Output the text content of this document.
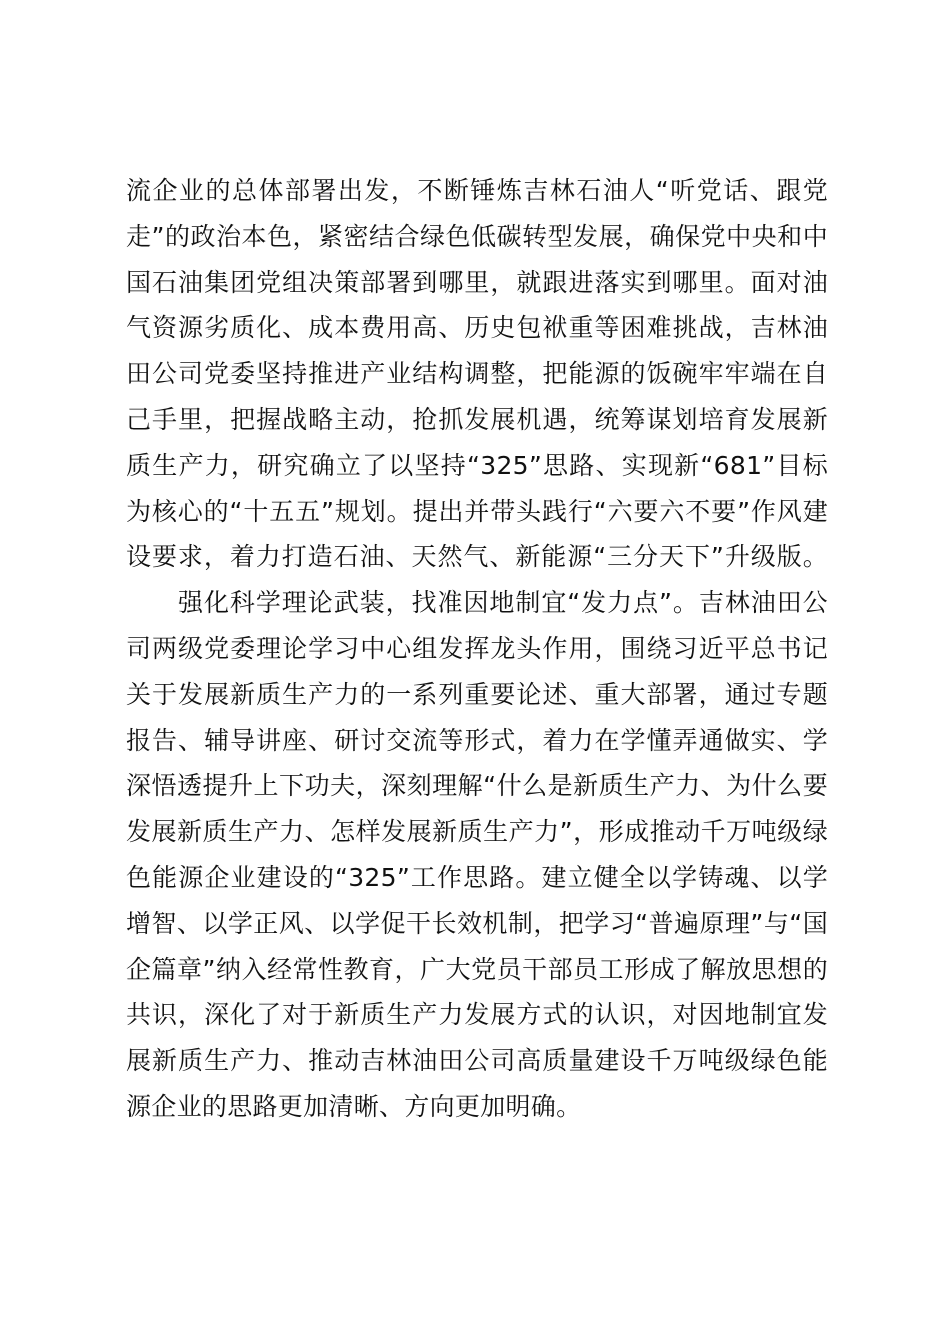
流企业的总体部署出发，不断锤炼吉林石油人“听党话、跟党
走”的政治本色，紧密结合绿色低碳转型发展，确保党中央和中
国石油集团党组决策部署到哪里，就跟进落实到哪里。面对油
气资源劣质化、成本费用高、历史包袱重等困难挑战，吉林油
田公司党委坚持推进产业结构调整，把能源的饭碗牢牢端在自
己手里，把握战略主动，抢抓发展机遇，统筹谋划培育发展新
质生产力，研究确立了以坚持“325”思路、实现新“681”目标
为核心的“十五五”规划。提出并带头践行“六要六不要”作风建
设要求，着力打造石油、天然气、新能源“三分天下”升级版。
强化科学理论武装，找准因地制宜“发力点”。吉林油田公
司两级党委理论学习中心组发挥龙头作用，围绕习近平总书记
关于发展新质生产力的一系列重要论述、重大部署，通过专题
报告、辅导讲座、研讨交流等形式，着力在学懂弄通做实、学
深悟透提升上下功夫，深刻理解“什么是新质生产力、为什么要
发展新质生产力、怎样发展新质生产力”，形成推动千万吨级绿
色能源企业建设的“325”工作思路。建立健全以学铸魂、以学
增智、以学正风、以学促干长效机制，把学习“普遍原理”与“国
企篇章”纳入经常性教育，广大党员干部员工形成了解放思想的
共识，深化了对于新质生产力发展方式的认识，对因地制宜发
展新质生产力、推动吉林油田公司高质量建设千万吨级绿色能
源企业的思路更加清晰、方向更加明确。
